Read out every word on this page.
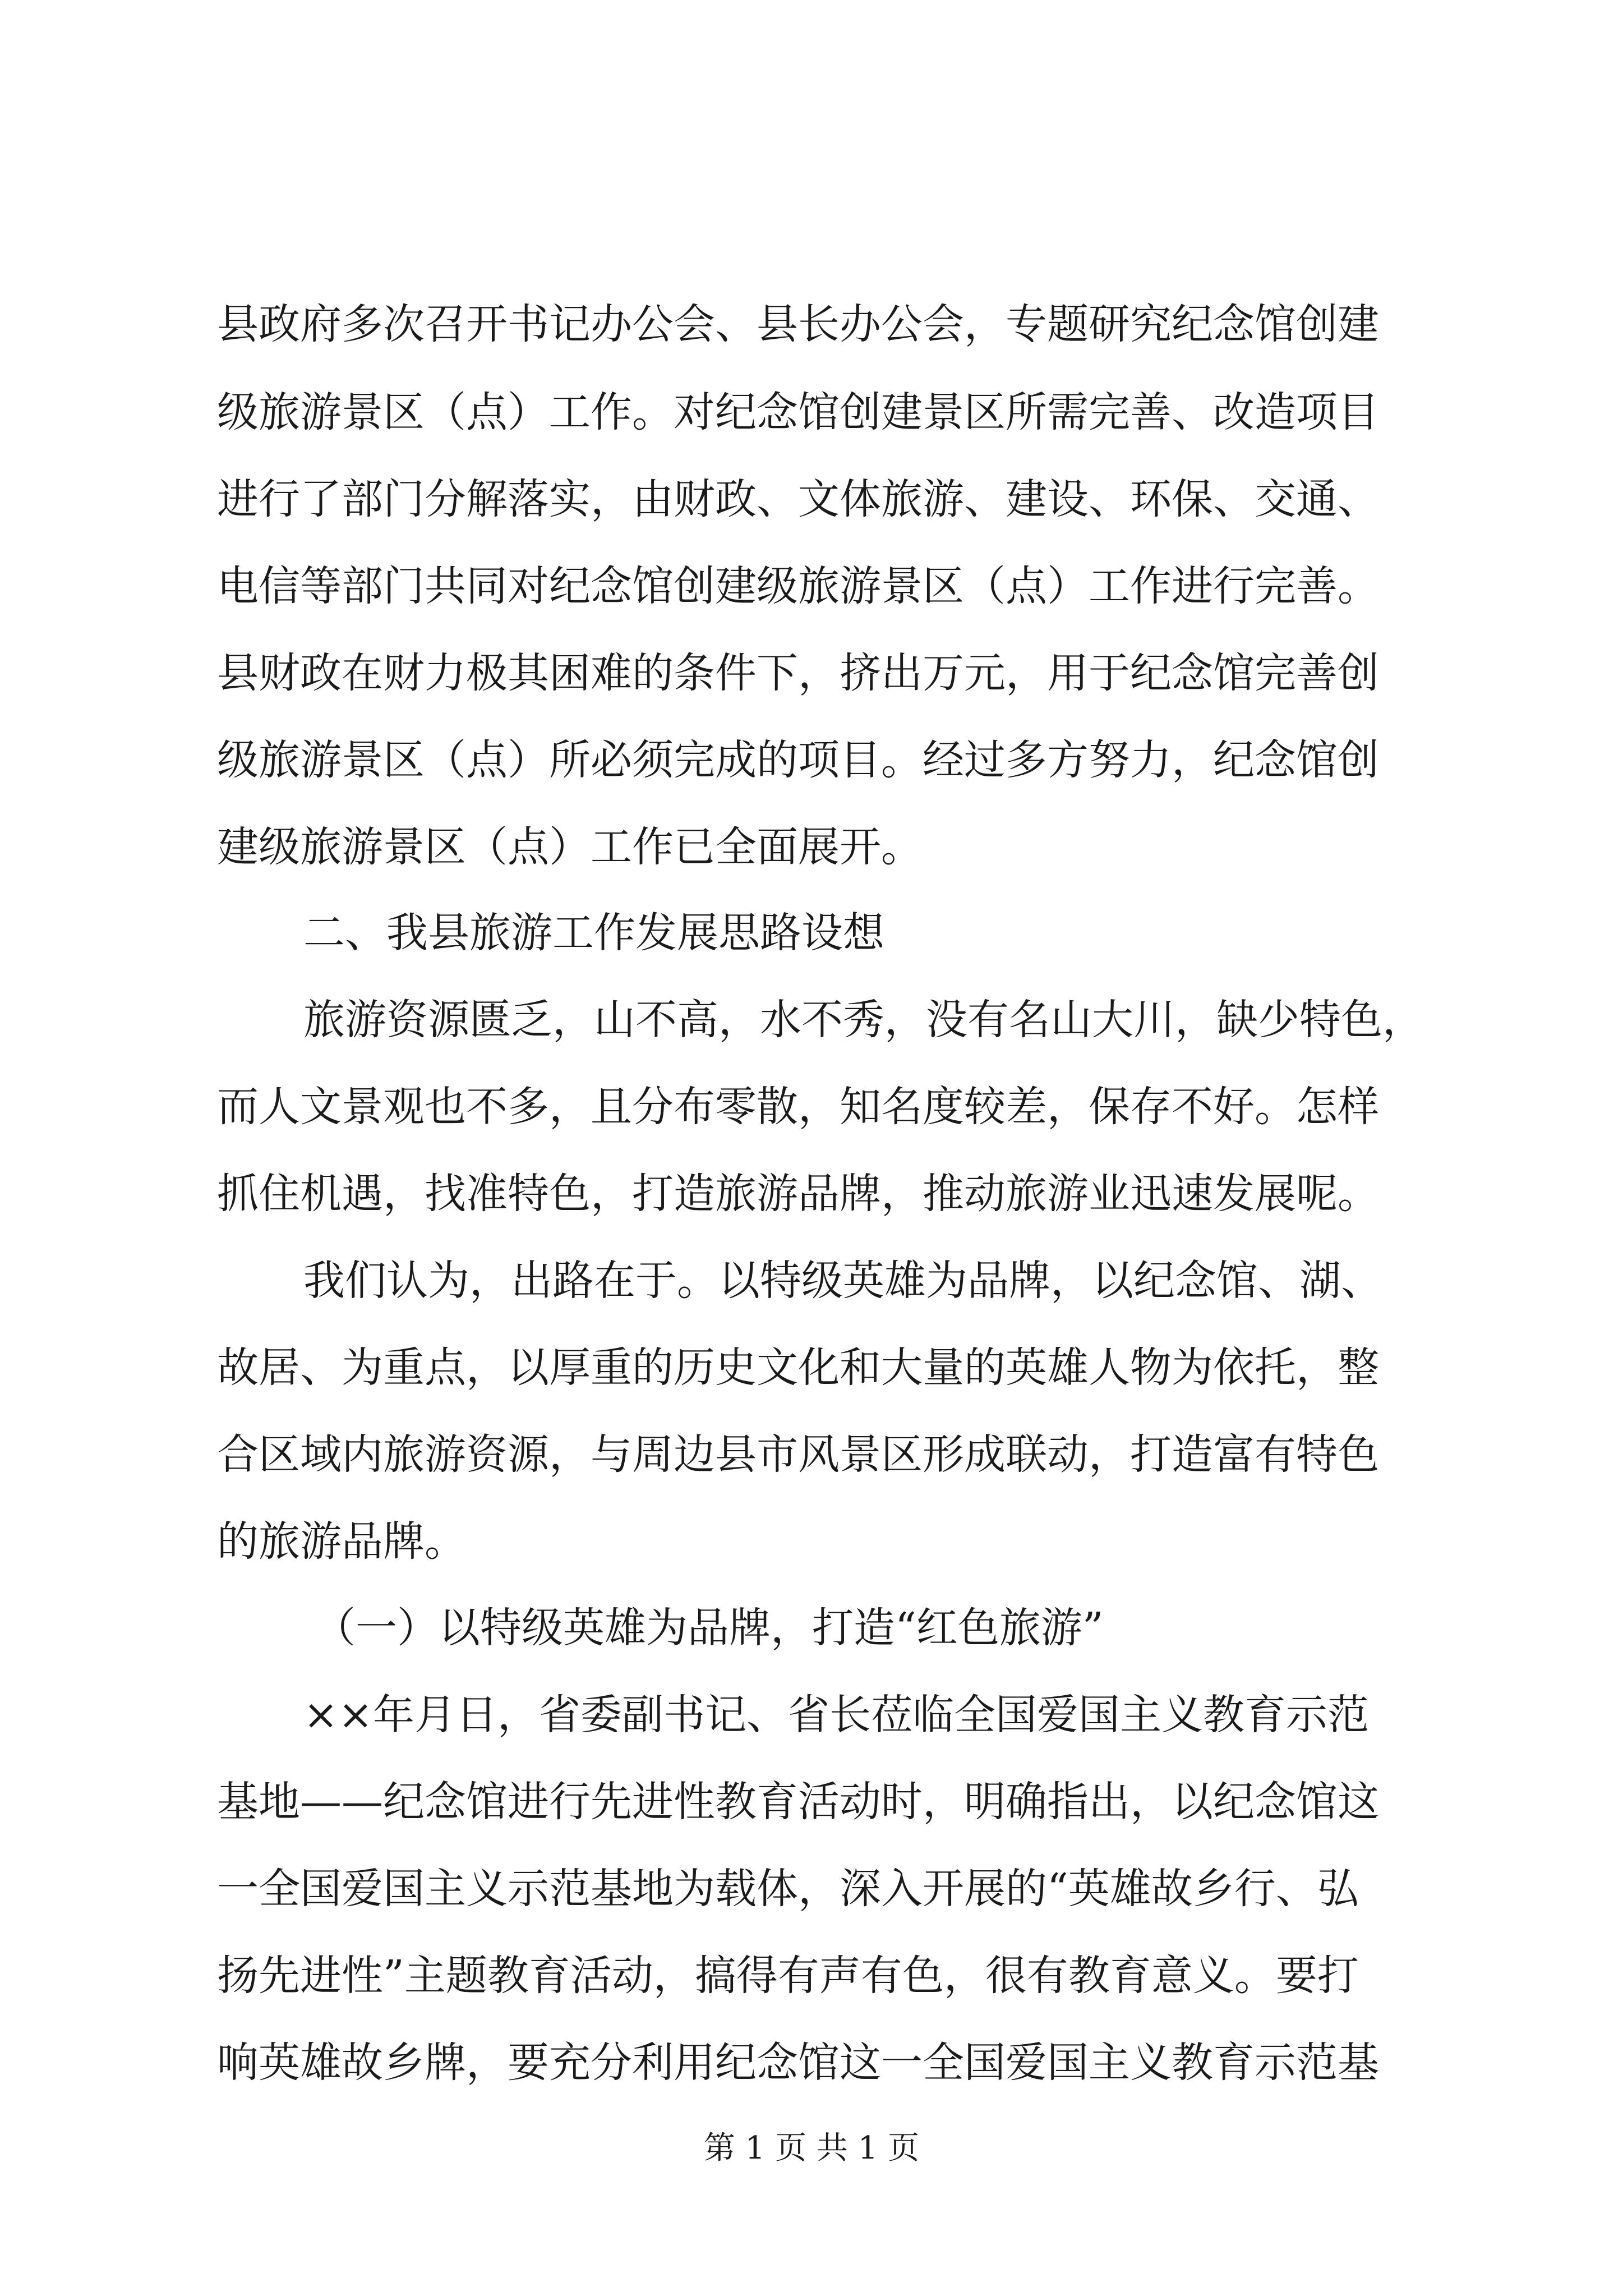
县政府多次召开书记办公会、县长办公会，专题研究纪念馆创建
级旅游景区（点）工作。对纪念馆创建景区所需完善、改造项目
进行了部门分解落实，由财政、文体旅游、建设、环保、交通、
电信等部门共同对纪念馆创建级旅游景区（点）工作进行完善。
县财政在财力极其困难的条件下，挤出万元，用于纪念馆完善创
级旅游景区（点）所必须完成的项目。经过多方努力，纪念馆创
建级旅游景区（点）工作已全面展开。
二、我县旅游工作发展思路设想
旅游资源匮乏，山不高，水不秀，没有名山大川，缺少特色，
而人文景观也不多，且分布零散，知名度较差，保存不好。怎样
抓住机遇，找准特色，打造旅游品牌，推动旅游业迅速发展呢。
我们认为，出路在于。以特级英雄为品牌，以纪念馆、湖、
故居、为重点，以厚重的历史文化和大量的英雄人物为依托，整
合区域内旅游资源，与周边县市风景区形成联动，打造富有特色
的旅游品牌。
（一）以特级英雄为品牌，打造“红色旅游”
××年月日，省委副书记、省长莅临全国爱国主义教育示范
基地——纪念馆进行先进性教育活动时，明确指出，以纪念馆这
一全国爱国主义示范基地为载体，深入开展的“英雄故乡行、弘
扬先进性”主题教育活动，搞得有声有色，很有教育意义。要打
响英雄故乡牌，要充分利用纪念馆这一全国爱国主义教育示范基
第 1 页 共 1 页
